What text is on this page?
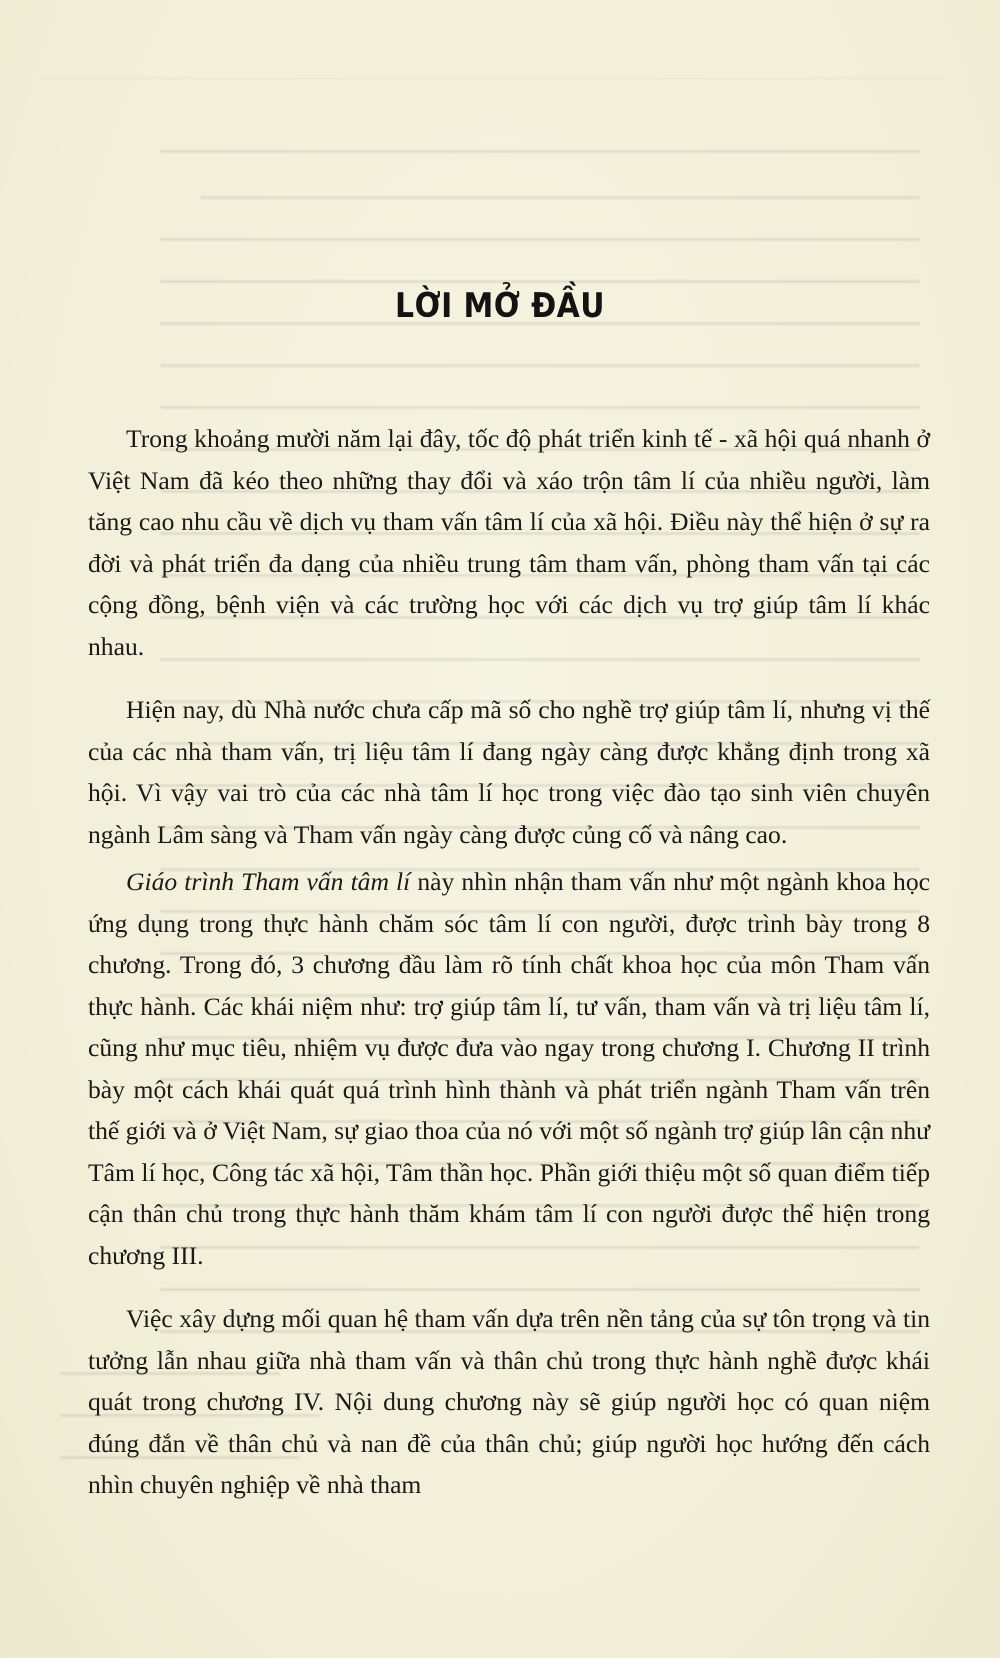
LỜI MỞ ĐẦU

Trong khoảng mười năm lại đây, tốc độ phát triển kinh tế - xã hội quá nhanh ở Việt Nam đã kéo theo những thay đổi và xáo trộn tâm lí của nhiều người, làm tăng cao nhu cầu về dịch vụ tham vấn tâm lí của xã hội. Điều này thể hiện ở sự ra đời và phát triển đa dạng của nhiều trung tâm tham vấn, phòng tham vấn tại các cộng đồng, bệnh viện và các trường học với các dịch vụ trợ giúp tâm lí khác nhau.

Hiện nay, dù Nhà nước chưa cấp mã số cho nghề trợ giúp tâm lí, nhưng vị thế của các nhà tham vấn, trị liệu tâm lí đang ngày càng được khẳng định trong xã hội. Vì vậy vai trò của các nhà tâm lí học trong việc đào tạo sinh viên chuyên ngành Lâm sàng và Tham vấn ngày càng được củng cố và nâng cao.

Giáo trình Tham vấn tâm lí này nhìn nhận tham vấn như một ngành khoa học ứng dụng trong thực hành chăm sóc tâm lí con người, được trình bày trong 8 chương. Trong đó, 3 chương đầu làm rõ tính chất khoa học của môn Tham vấn thực hành. Các khái niệm như: trợ giúp tâm lí, tư vấn, tham vấn và trị liệu tâm lí, cũng như mục tiêu, nhiệm vụ được đưa vào ngay trong chương I. Chương II trình bày một cách khái quát quá trình hình thành và phát triển ngành Tham vấn trên thế giới và ở Việt Nam, sự giao thoa của nó với một số ngành trợ giúp lân cận như Tâm lí học, Công tác xã hội, Tâm thần học. Phần giới thiệu một số quan điểm tiếp cận thân chủ trong thực hành thăm khám tâm lí con người được thể hiện trong chương III.

Việc xây dựng mối quan hệ tham vấn dựa trên nền tảng của sự tôn trọng và tin tưởng lẫn nhau giữa nhà tham vấn và thân chủ trong thực hành nghề được khái quát trong chương IV. Nội dung chương này sẽ giúp người học có quan niệm đúng đắn về thân chủ và nan đề của thân chủ; giúp người học hướng đến cách nhìn chuyên nghiệp về nhà tham
